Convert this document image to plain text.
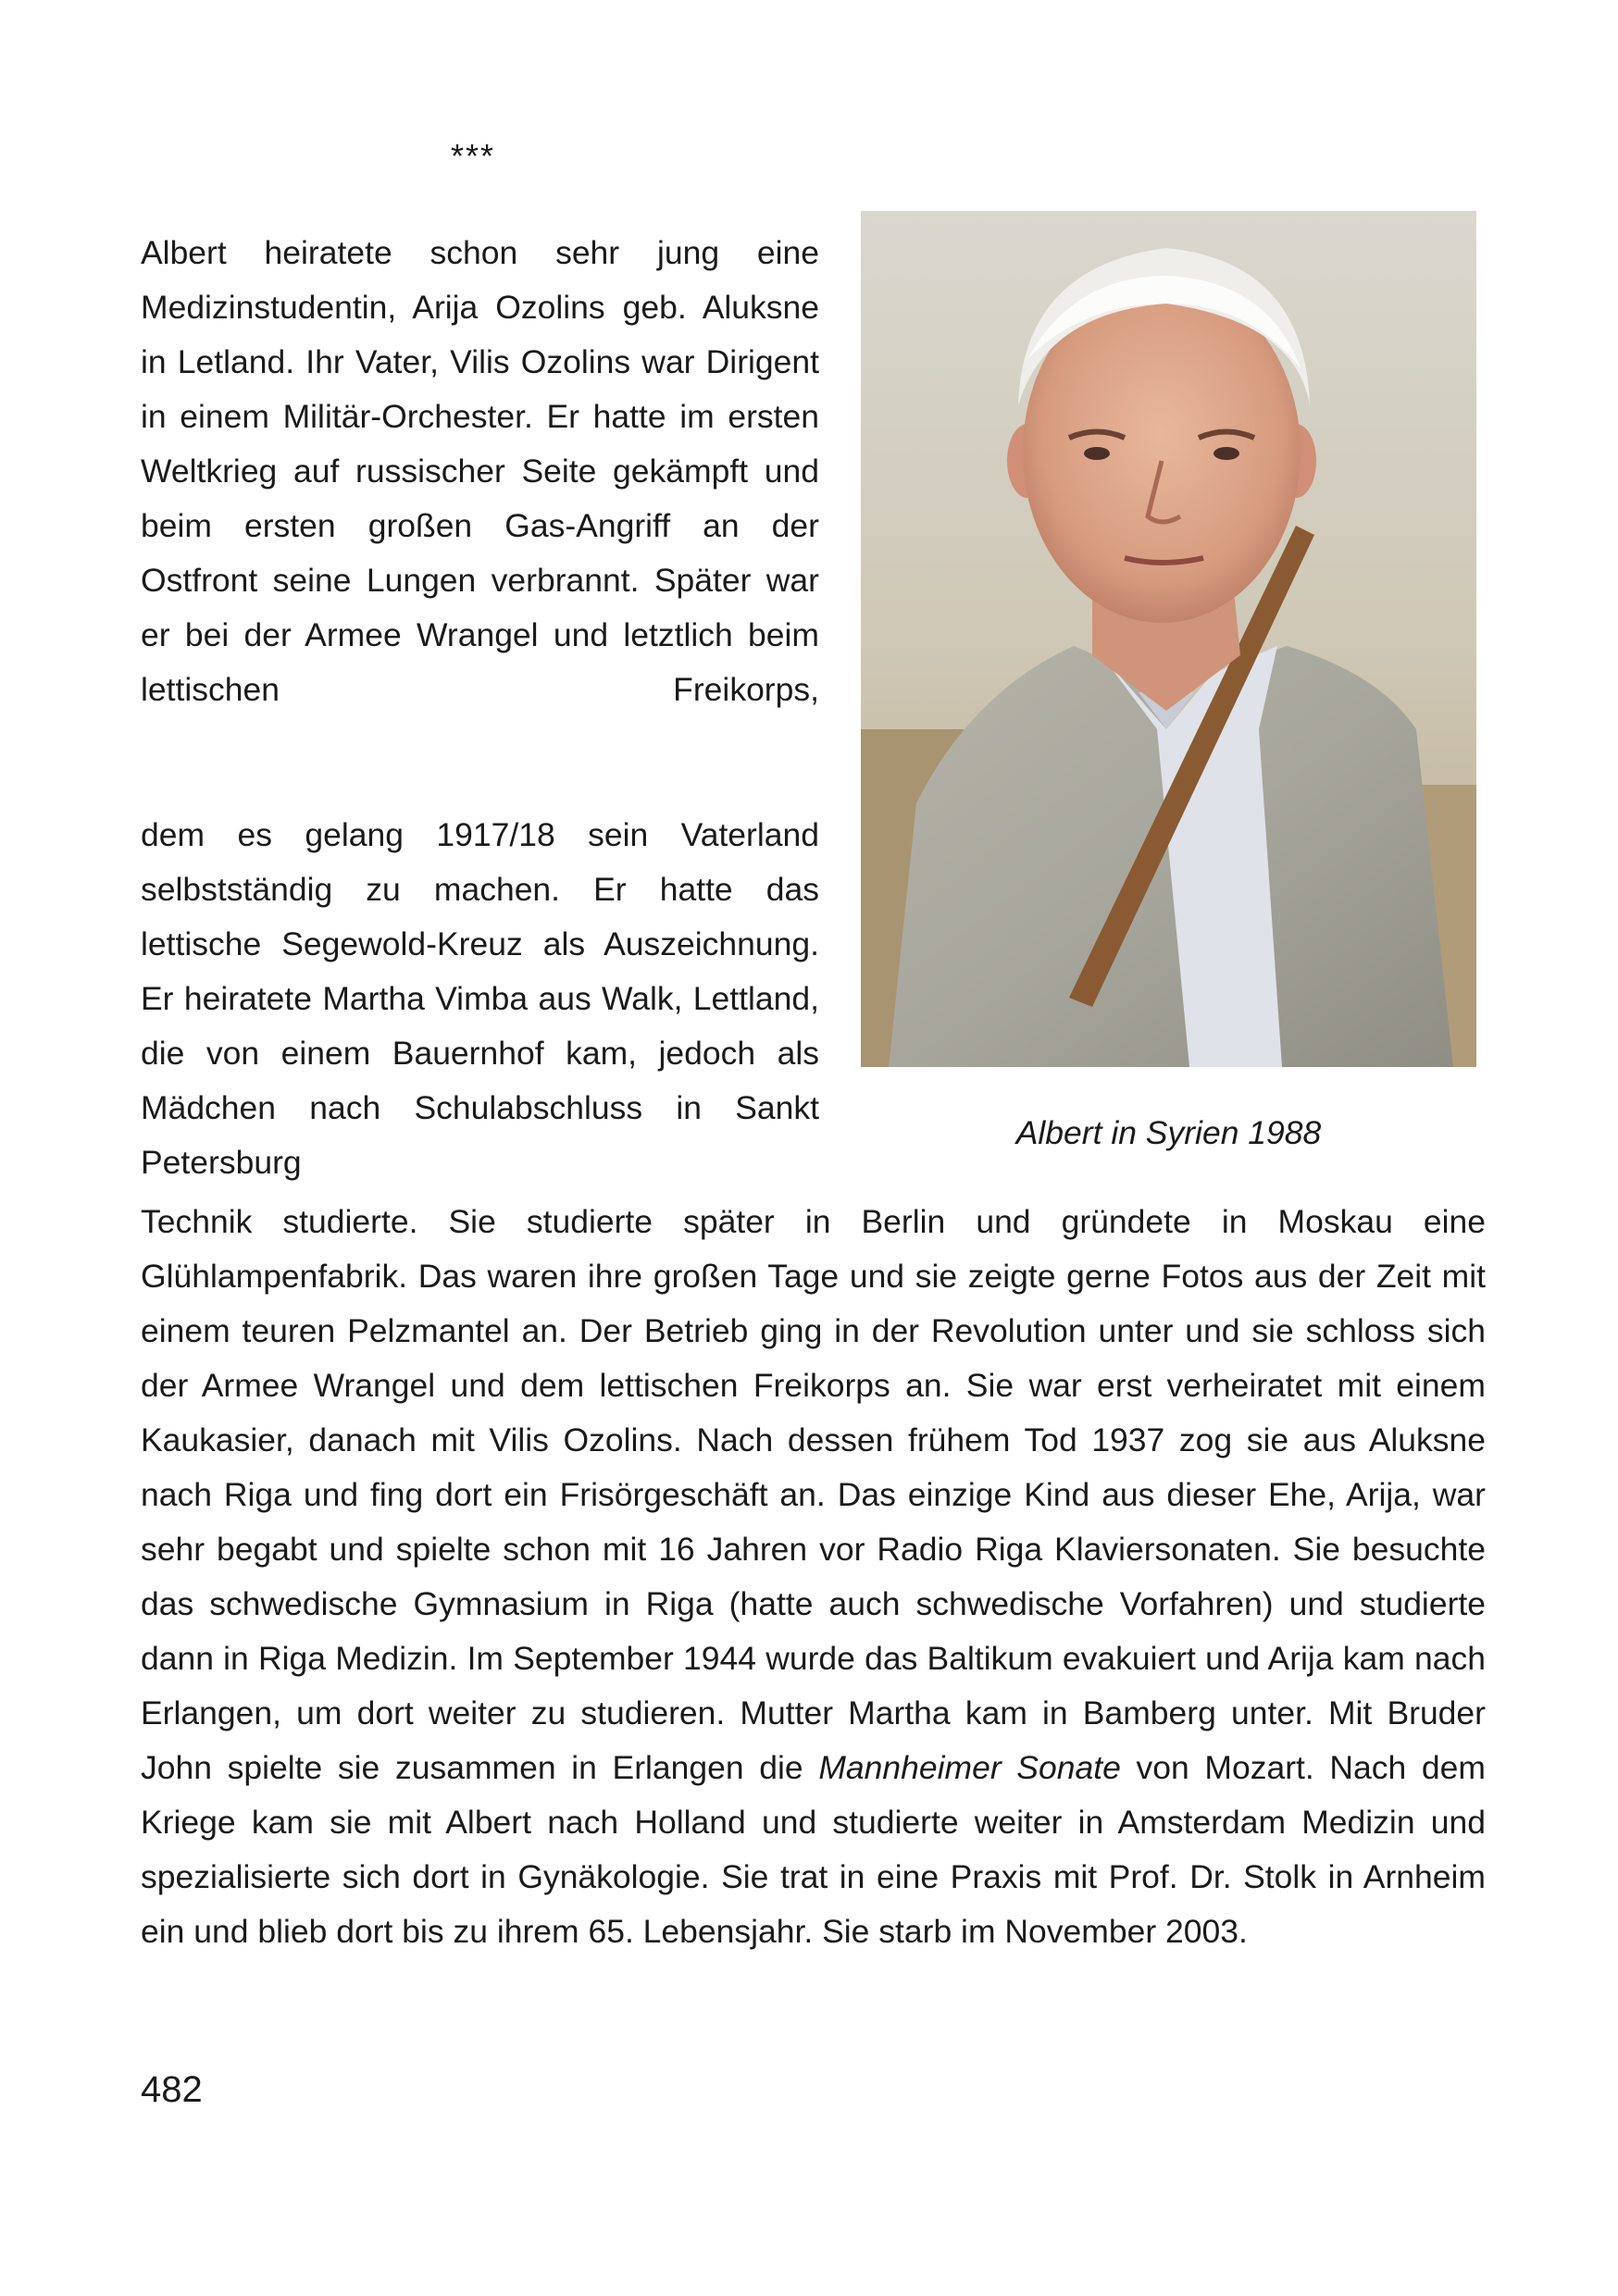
***

Albert heiratete schon sehr jung eine Medizinstudentin, Arija Ozolins geb. Aluksne in Letland. Ihr Vater, Vilis Ozolins war Dirigent in einem Militär-Orchester. Er hatte im ersten Weltkrieg auf russischer Seite gekämpft und beim ersten großen Gas-Angriff an der Ostfront seine Lungen verbrannt. Später war er bei der Armee Wrangel und letztlich beim lettischen Freikorps,

dem es gelang 1917/18 sein Vaterland selbstständig zu machen. Er hatte das lettische Segewold-Kreuz als Auszeichnung. Er heiratete Martha Vimba aus Walk, Lettland, die von einem Bauernhof kam, jedoch als Mädchen nach Schulabschluss in Sankt Petersburg

Technik studierte. Sie studierte später in Berlin und gründete in Moskau eine Glühlampenfabrik. Das waren ihre großen Tage und sie zeigte gerne Fotos aus der Zeit mit einem teuren Pelzmantel an. Der Betrieb ging in der Revolution unter und sie schloss sich der Armee Wrangel und dem lettischen Freikorps an. Sie war erst verheiratet mit einem Kaukasier, danach mit Vilis Ozolins. Nach dessen frühem Tod 1937 zog sie aus Aluksne nach Riga und fing dort ein Frisörgeschäft an. Das einzige Kind aus dieser Ehe, Arija, war sehr begabt und spielte schon mit 16 Jahren vor Radio Riga Klaviersonaten. Sie besuchte das schwedische Gymnasium in Riga (hatte auch schwedische Vorfahren) und studierte dann in Riga Medizin. Im September 1944 wurde das Baltikum evakuiert und Arija kam nach Erlangen, um dort weiter zu studieren. Mutter Martha kam in Bamberg unter. Mit Bruder John spielte sie zusammen in Erlangen die Mannheimer Sonate von Mozart. Nach dem Kriege kam sie mit Albert nach Holland und studierte weiter in Amsterdam Medizin und spezialisierte sich dort in Gynäkologie. Sie trat in eine Praxis mit Prof. Dr. Stolk in Arnheim ein und blieb dort bis zu ihrem 65. Lebensjahr. Sie starb im November 2003.

Albert in Syrien 1988
482
